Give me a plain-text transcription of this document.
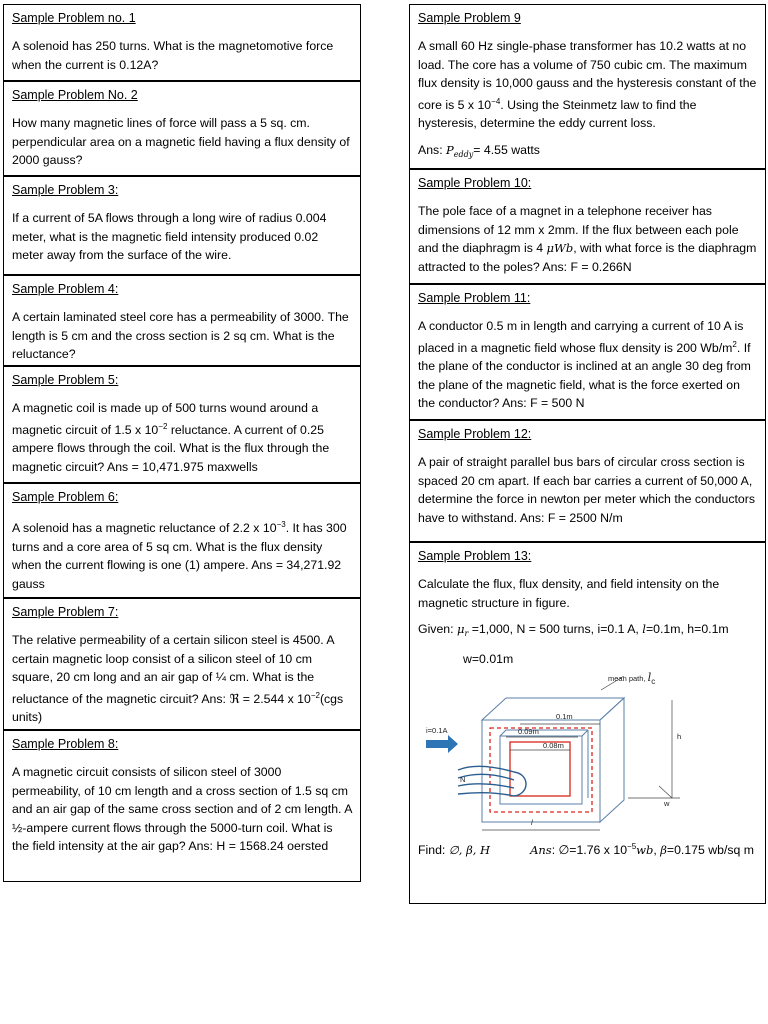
Sample Problem no. 1
A solenoid has 250 turns. What is the magnetomotive force when the current is 0.12A?
Sample Problem No. 2
How many magnetic lines of force will pass a 5 sq. cm. perpendicular area on a magnetic field having a flux density of 2000 gauss?
Sample Problem 3:
If a current of 5A flows through a long wire of radius 0.004 meter, what is the magnetic field intensity produced 0.02 meter away from the surface of the wire.
Sample Problem 4:
A certain laminated steel core has a permeability of 3000. The length is 5 cm and the cross section is 2 sq cm. What is the reluctance?
Sample Problem 5:
A magnetic coil is made up of 500 turns wound around a magnetic circuit of 1.5 x $10^{-2}$ reluctance. A current of 0.25 ampere flows through the coil. What is the flux through the magnetic circuit? Ans = 10,471.975 maxwells
Sample Problem 6:
A solenoid has a magnetic reluctance of 2.2 x $10^{-3}$. It has 300 turns and a core area of 5 sq cm. What is the flux density when the current flowing is one (1) ampere. Ans = 34,271.92 gauss
Sample Problem 7:
The relative permeability of a certain silicon steel is 4500. A certain magnetic loop consist of a silicon steel of 10 cm square, 20 cm long and an air gap of ¼ cm. What is the reluctance of the magnetic circuit? Ans: ℜ = 2.544 x $10^{-2}(cgs$ units)
Sample Problem 8:
A magnetic circuit consists of silicon steel of 3000 permeability, of 10 cm length and a cross section of 1.5 sq cm and an air gap of the same cross section and of 2 cm length. A ½-ampere current flows through the 5000-turn coil. What is the field intensity at the air gap? Ans: H = 1568.24 oersted
Sample Problem 9

A small 60 Hz single-phase transformer has 10.2 watts at no load. The core has a volume of 750 cubic cm. The maximum flux density is 10,000 gauss and the hysteresis constant of the core is 5 x $10^{-4}$. Using the Steinmetz law to find the hysteresis, determine the eddy current loss.

Ans: $P_{eddy}= 4.55$ watts

Sample Problem 10:
The pole face of a magnet in a telephone receiver has dimensions of 12 mm x 2mm. If the flux between each pole and the diaphragm is 4 μWb, with what force is the diaphragm attracted to the poles? Ans: F = 0.266N
Sample Problem 11:
A conductor 0.5 m in length and carrying a current of 10 A is placed in a magnetic field whose flux density is 200 $Wb/m^2$. If the plane of the conductor is inclined at an angle 30 deg from the plane of the magnetic field, what is the force exerted on the conductor? Ans: F = 500 N
Sample Problem 12:
A pair of straight parallel bus bars of circular cross section is spaced 20 cm apart. If each bar carries a current of 50,000 A, determine the force in newton per meter which the conductors have to withstand. Ans: F = 2500 N/m
Sample Problem 13:

Calculate the flux, flux density, and field intensity on the magnetic structure in figure.

Given: $\mu_r =1,000$, N = 500 turns, i=0.1 A, l=0.1m, h=0.1m

w=0.01m

mean path, lc
0.1m
0.09m
0.08m
i=0.1A
N
h
w
l
Find: ∅, β, H	Ans: ∅=1.76 x $10^{-5}wb$, β=0.175 wb/sq m
